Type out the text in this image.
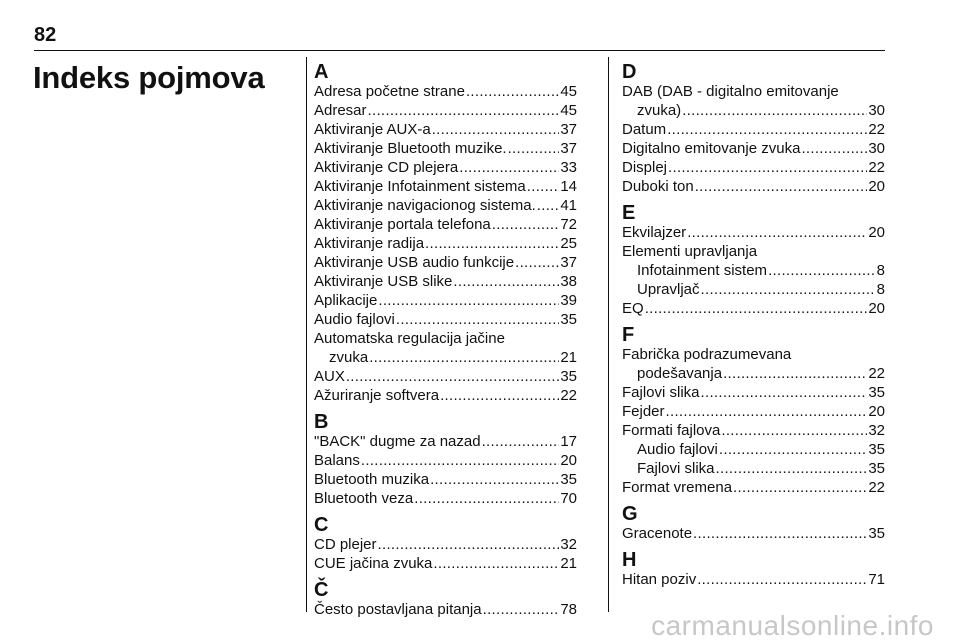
82
Indeks pojmova A
Adresa početne strane .....	45
Adresar .....	45
Aktiviranje AUX-a .....	37
Aktiviranje Bluetooth muzike. .....	37
Aktiviranje CD plejera .....	33
Aktiviranje Infotainment sistema ..... 14
Aktiviranje navigacionog sistema. ..... 41
Aktiviranje portala telefona .....	72
Aktiviranje radija .....	25
Aktiviranje USB audio funkcije .....	37
Aktiviranje USB slike .....	38
Aplikacije .....	39
Audio fajlovi .....	35
Automatska regulacija jačine
zvuka .....	21
AUX .....	35
Ažuriranje softvera .....	22
B
"BACK" dugme za nazad .....	17
Balans .....	20
Bluetooth muzika .....	35
Bluetooth veza .....	70
C
CD plejer .....	32
CUE jačina zvuka .....	21
Č
Često postavljana pitanja .....	78
D
DAB (DAB - digitalno emitovanje
zvuka) .....	30
Datum .....	22
Digitalno emitovanje zvuka .....	30
Displej .....	22
Duboki ton .....	20
E
Ekvilajzer .....	20
Elementi upravljanja
Infotainment sistem .....	8
Upravljač .....	8
EQ .....	20
F
Fabrička podrazumevana
podešavanja .....	22
Fajlovi slika .....	35
Fejder .....	20
Formati fajlova .....	32
Audio fajlovi .....	35
Fajlovi slika .....	35
Format vremena .....	22
G
Gracenote .....	35
H
Hitan poziv .....	71
carmanualsonline.info
